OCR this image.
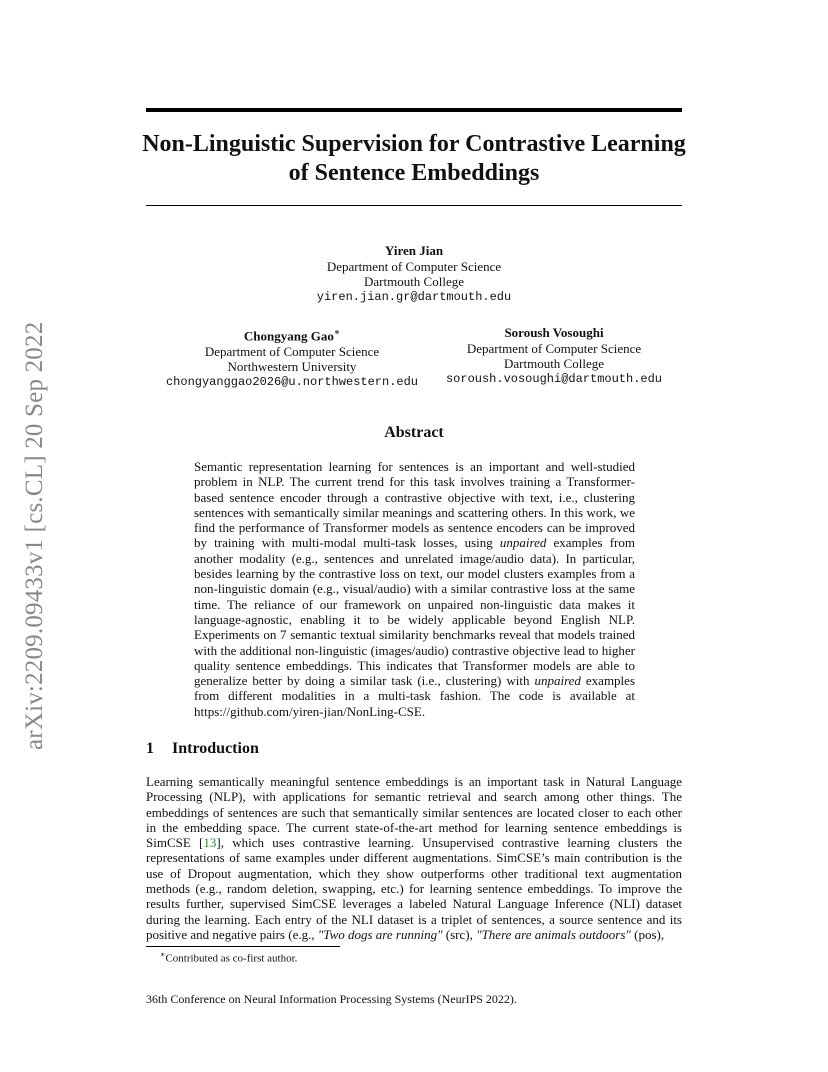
arXiv:2209.09433v1 [cs.CL] 20 Sep 2022
Non-Linguistic Supervision for Contrastive Learning
of Sentence Embeddings
Yiren Jian
Department of Computer Science
Dartmouth College
yiren.jian.gr@dartmouth.edu
Chongyang Gao∗
Department of Computer Science
Northwestern University
chongyanggao2026@u.northwestern.edu
Soroush Vosoughi
Department of Computer Science
Dartmouth College
soroush.vosoughi@dartmouth.edu
Abstract
Semantic representation learning for sentences is an important and well-studied problem in NLP. The current trend for this task involves training a Transformer-based sentence encoder through a contrastive objective with text, i.e., clustering sentences with semantically similar meanings and scattering others. In this work, we find the performance of Transformer models as sentence encoders can be improved by training with multi-modal multi-task losses, using unpaired examples from another modality (e.g., sentences and unrelated image/audio data). In particular, besides learning by the contrastive loss on text, our model clusters examples from a non-linguistic domain (e.g., visual/audio) with a similar contrastive loss at the same time. The reliance of our framework on unpaired non-linguistic data makes it language-agnostic, enabling it to be widely applicable beyond English NLP. Experiments on 7 semantic textual similarity benchmarks reveal that models trained with the additional non-linguistic (images/audio) contrastive objective lead to higher quality sentence embeddings. This indicates that Transformer models are able to generalize better by doing a similar task (i.e., clustering) with unpaired examples from different modalities in a multi-task fashion. The code is available at https://github.com/yiren-jian/NonLing-CSE.
1 Introduction
Learning semantically meaningful sentence embeddings is an important task in Natural Language Processing (NLP), with applications for semantic retrieval and search among other things. The embeddings of sentences are such that semantically similar sentences are located closer to each other in the embedding space. The current state-of-the-art method for learning sentence embeddings is SimCSE [13], which uses contrastive learning. Unsupervised contrastive learning clusters the representations of same examples under different augmentations. SimCSE’s main contribution is the use of Dropout augmentation, which they show outperforms other traditional text augmentation methods (e.g., random deletion, swapping, etc.) for learning sentence embeddings. To improve the results further, supervised SimCSE leverages a labeled Natural Language Inference (NLI) dataset during the learning. Each entry of the NLI dataset is a triplet of sentences, a source sentence and its positive and negative pairs (e.g., "Two dogs are running" (src), "There are animals outdoors" (pos),
∗Contributed as co-first author.
36th Conference on Neural Information Processing Systems (NeurIPS 2022).
